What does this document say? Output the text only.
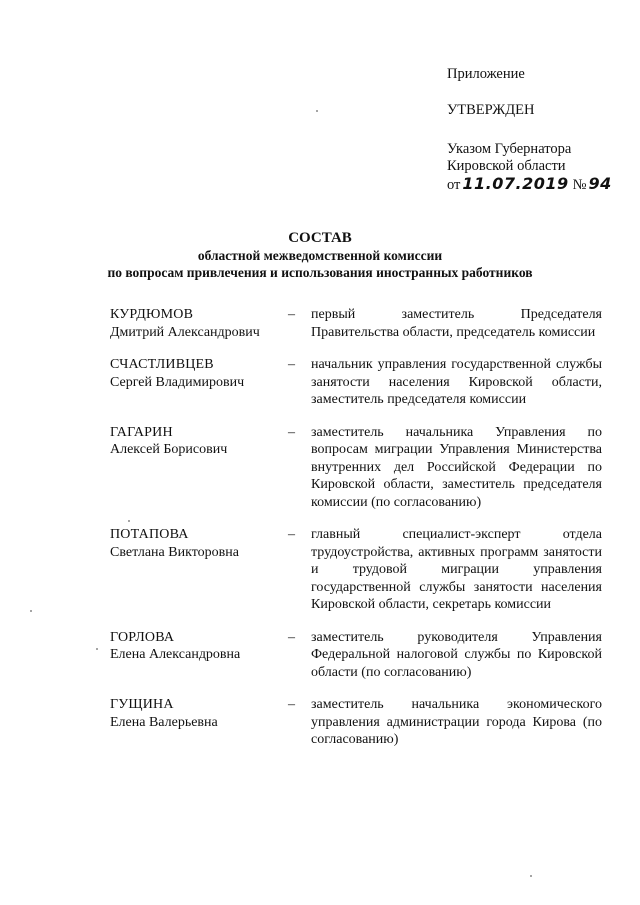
Приложение
УТВЕРЖДЕН
Указом Губернатора
Кировской области
от 11.07.2019 № 94
СОСТАВ
областной межведомственной комиссии
по вопросам привлечения и использования иностранных работников
КУРДЮМОВ
Дмитрий Александрович
–	первый заместитель Председателя Правительства области, председатель комиссии
СЧАСТЛИВЦЕВ
Сергей Владимирович
–	начальник управления государственной службы занятости населения Кировской области, заместитель председателя комиссии
ГАГАРИН
Алексей Борисович
–	заместитель начальника Управления по вопросам миграции Управления Министерства внутренних дел Российской Федерации по Кировской области, заместитель председателя комиссии (по согласованию)
ПОТАПОВА
Светлана Викторовна
–	главный специалист-эксперт отдела трудоустройства, активных программ занятости и трудовой миграции управления государственной службы занятости населения Кировской области, секретарь комиссии
ГОРЛОВА
Елена Александровна
–	заместитель руководителя Управления Федеральной налоговой службы по Кировской области (по согласованию)
ГУЩИНА
Елена Валерьевна
–	заместитель начальника экономического управления администрации города Кирова (по согласованию)
